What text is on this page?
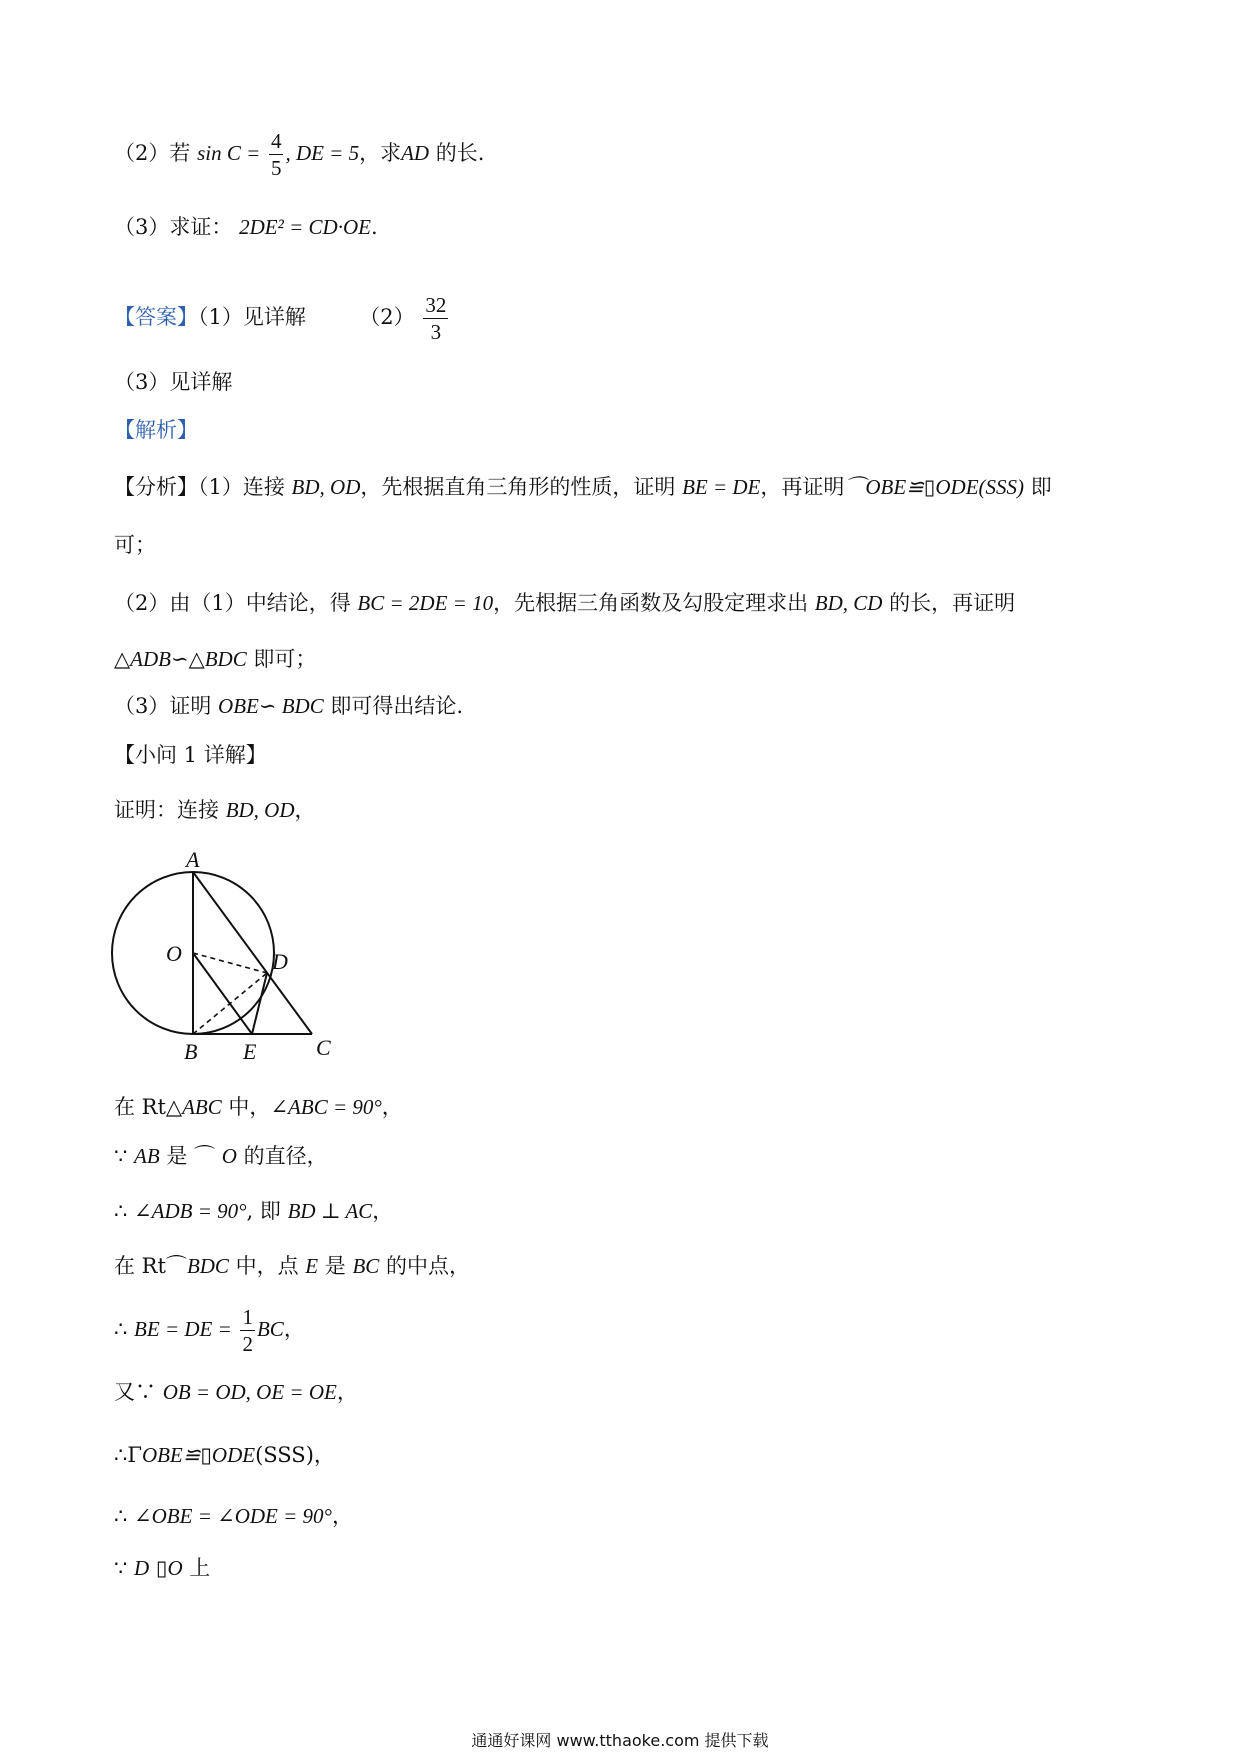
（2）若 $\sin C = \frac{4}{5}$ , DE = 5，求AD 的长.
（3）求证： 2DE² = CD·OE.
【答案】（1）见详解	$(2) \frac{32}{3}$
（3）见详解
【解析】
【分析】（1）连接 BD, OD，先根据直角三角形的性质，证明 BE = DE，再证明⌒OBE≌▯ODE(SSS) 即
可；
（2）由（1）中结论，得 BC = 2DE = 10，先根据三角函数及勾股定理求出 BD, CD 的长，再证明
△ADB∽△BDC 即可；
（3）证明 OBE∽ BDC 即可得出结论.
【小问 1 详解】
证明：连接 BD, OD，
A
O	D
B E	C
在 Rt△ABC 中，∠ABC = 90°，
∵ AB 是 ⌒ O 的直径，
∴ ∠ADB = 90°, 即 BD ⊥ AC，
在 Rt⌒BDC 中，点 E 是 BC 的中点，
∴ BE = DE = $\frac{1}{2}$ BC，
又∵ OB = OD, OE = OE，
∴ΓOBE≌▯ODE(SSS)，
∴ ∠OBE = ∠ODE = 90°，
∵ D ▯O 上
通通好课网 www.tthaoke.com 提供下载
